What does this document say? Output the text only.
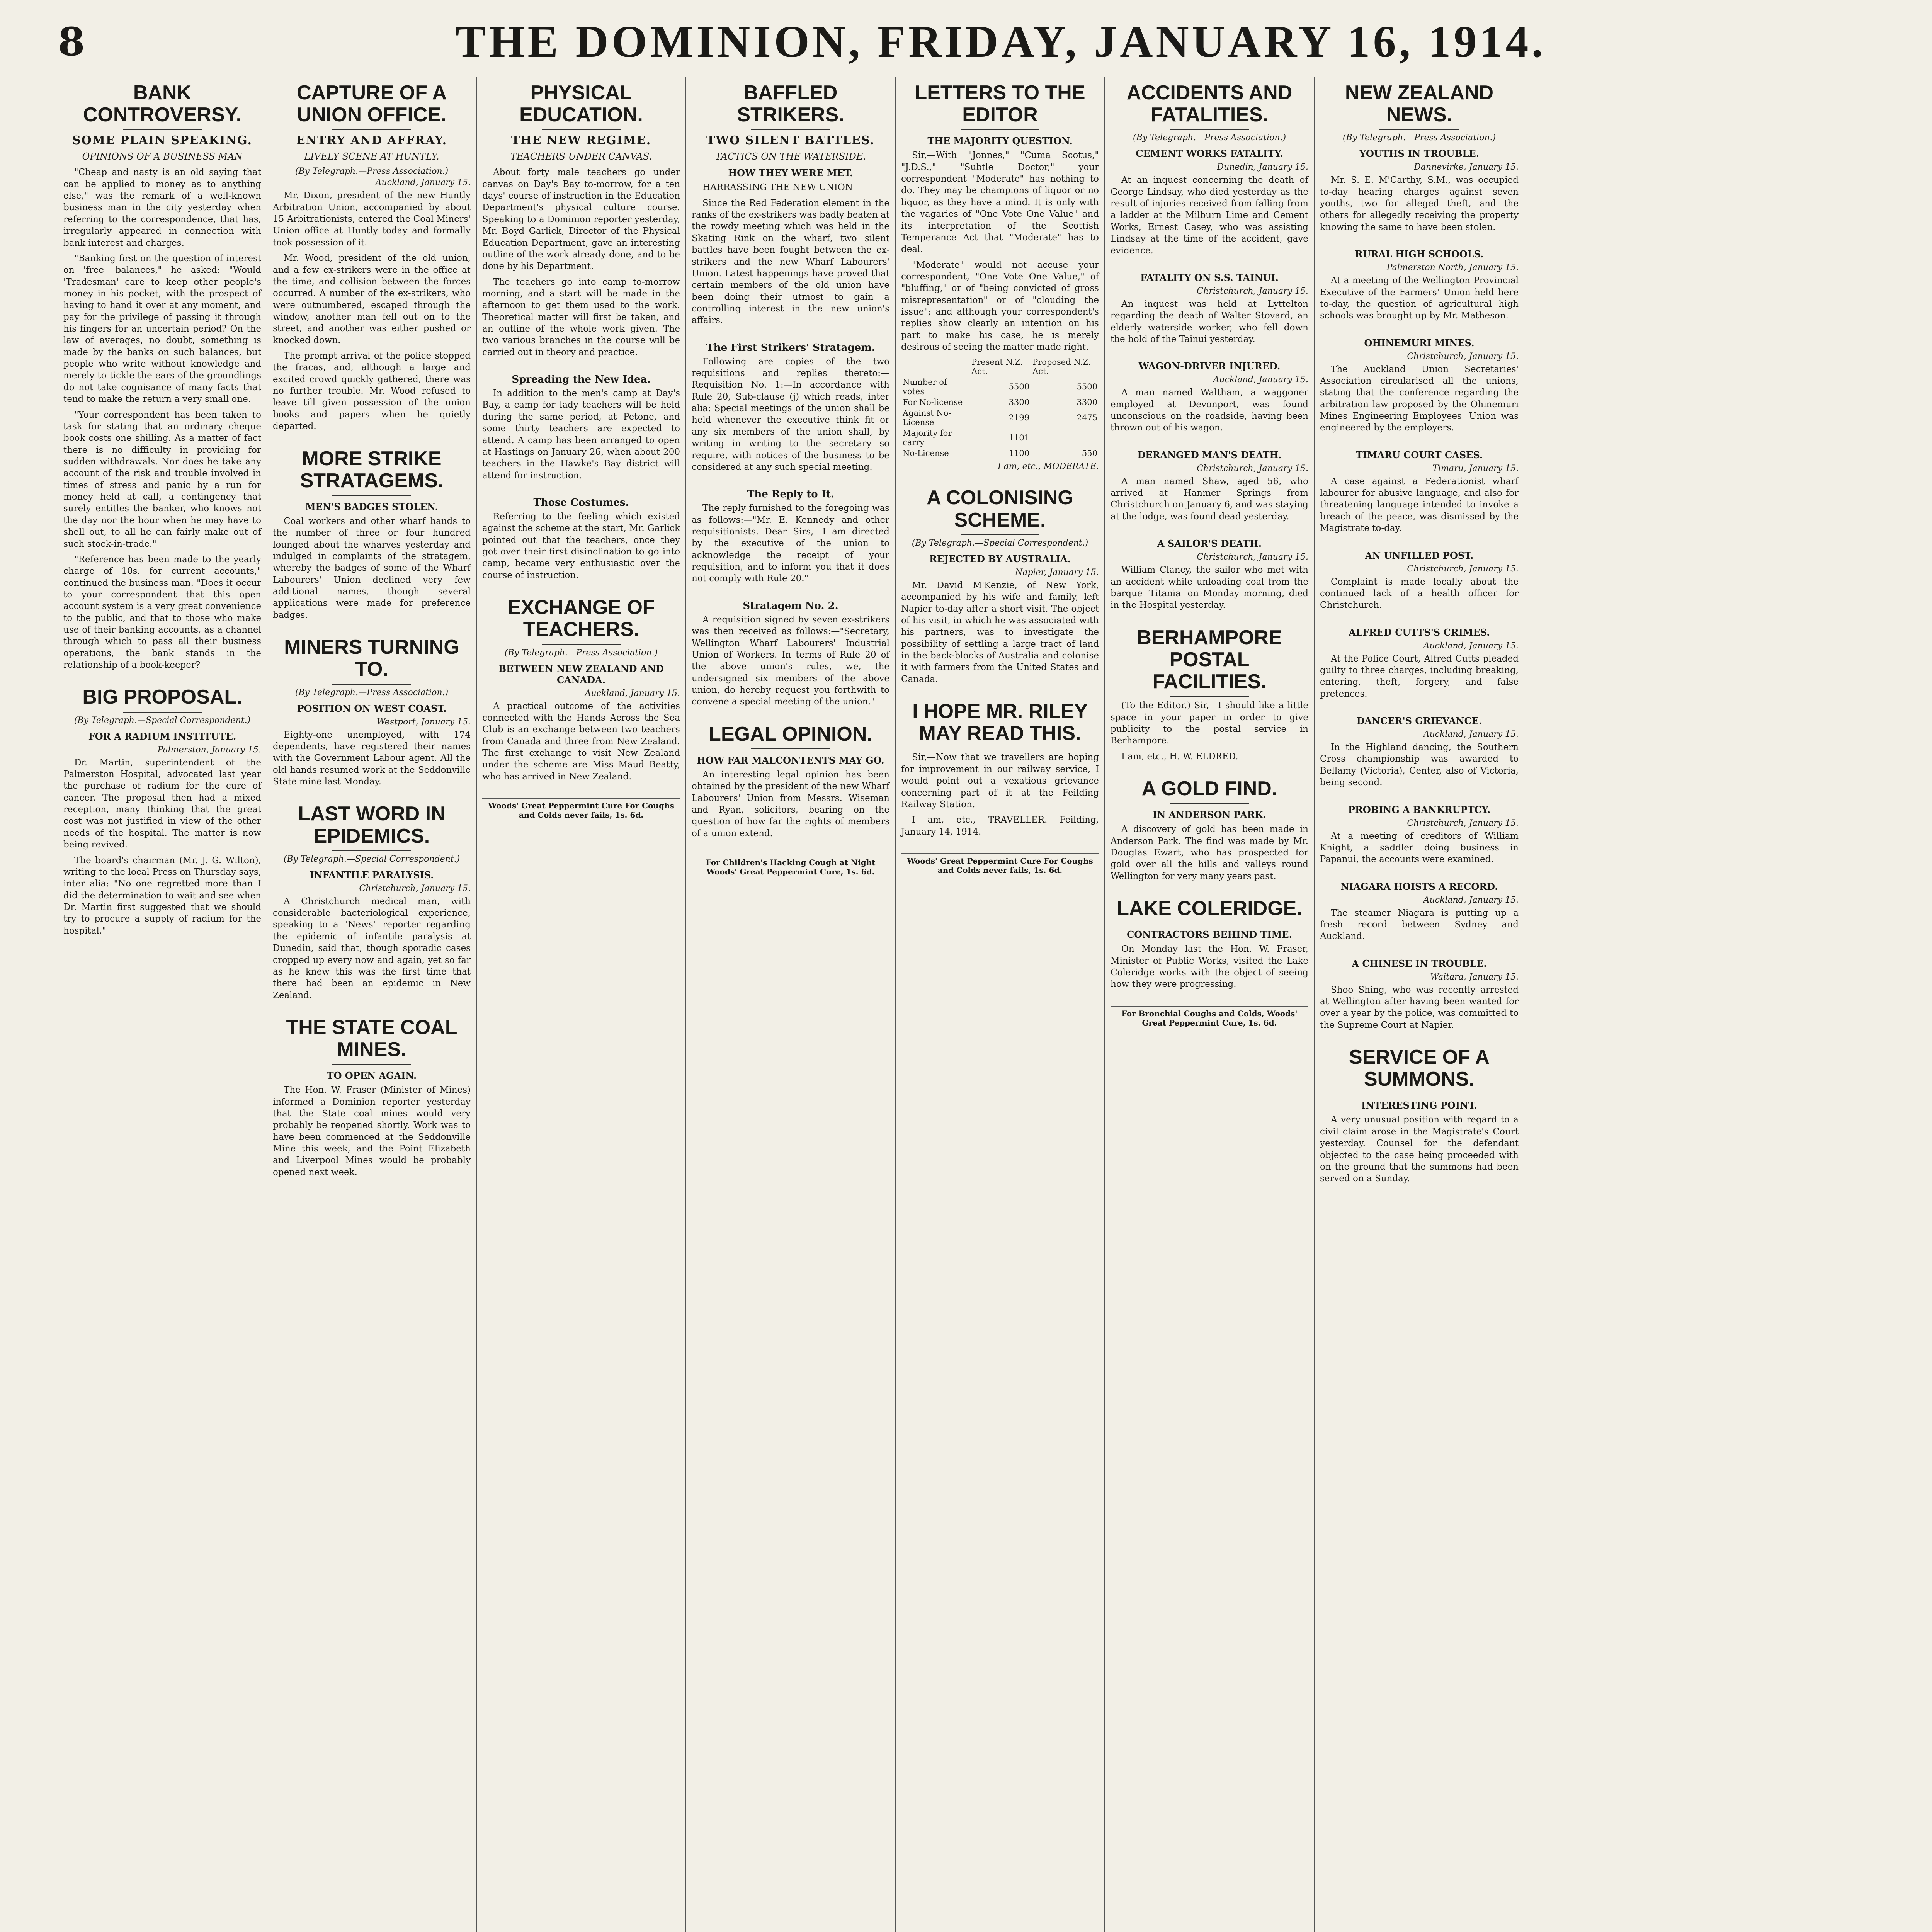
8	THE DOMINION, FRIDAY, JANUARY 16, 1914.
BANK CONTROVERSY.
SOME PLAIN SPEAKING.
OPINIONS OF A BUSINESS MAN

"Cheap and nasty is an old saying that can be applied to money as to anything else," was the remark of a well-known business man in the city yesterday when referring to the correspondence, that has, irregularly appeared in connection with bank interest and charges.

"Banking first on the question of interest on 'free' balances," he asked: "Would 'Tradesman' care to keep other people's money in his pocket, with the prospect of having to hand it over at any moment, and pay for the privilege of passing it through his fingers for an uncertain period? On the law of averages, no doubt, something is made by the banks on such balances, but people who write without knowledge and merely to tickle the ears of the groundlings do not take cognisance of many facts that tend to make the return a very small one.

"Your correspondent has been taken to task for stating that an ordinary cheque book costs one shilling. As a matter of fact there is no difficulty in providing for sudden withdrawals. Nor does he take any account of the risk and trouble involved in times of stress and panic by a run for money held at call, a contingency that surely entitles the banker, who knows not the day nor the hour when he may have to shell out, to all he can fairly make out of such stock-in-trade."

"Reference has been made to the yearly charge of 10s. for current accounts," continued the business man. "Does it occur to your correspondent that this open account system is a very great convenience to the public, and that to those who make use of their banking accounts, as a channel through which to pass all their business operations, the bank stands in the relationship of a book-keeper?

BIG PROPOSAL.
(By Telegraph.—Special Correspondent.)
FOR A RADIUM INSTITUTE.
Palmerston, January 15.

Dr. Martin, superintendent of the Palmerston Hospital, advocated last year the purchase of radium for the cure of cancer. The proposal then had a mixed reception, many thinking that the great cost was not justified in view of the other needs of the hospital. The matter is now being revived.

The board's chairman (Mr. J. G. Wilton), writing to the local Press on Thursday says, inter alia: "No one regretted more than I did the determination to wait and see when Dr. Martin first suggested that we should try to procure a supply of radium for the hospital."

CAPTURE OF A UNION OFFICE.
ENTRY AND AFFRAY.
LIVELY SCENE AT HUNTLY.
(By Telegraph.—Press Association.)
Auckland, January 15.

Mr. Dixon, president of the new Huntly Arbitration Union, accompanied by about 15 Arbitrationists, entered the Coal Miners' Union office at Huntly today and formally took possession of it.

Mr. Wood, president of the old union, and a few ex-strikers were in the office at the time, and collision between the forces occurred. A number of the ex-strikers, who were outnumbered, escaped through the window, another man fell out on to the street, and another was either pushed or knocked down.

The prompt arrival of the police stopped the fracas, and, although a large and excited crowd quickly gathered, there was no further trouble. Mr. Wood refused to leave till given possession of the union books and papers when he quietly departed.

MORE STRIKE STRATAGEMS.
MEN'S BADGES STOLEN.

Coal workers and other wharf hands to the number of three or four hundred lounged about the wharves yesterday and indulged in complaints of the stratagem, whereby the badges of some of the Wharf Labourers' Union declined very few additional names, though several applications were made for preference badges.

MINERS TURNING TO.
(By Telegraph.—Press Association.)
POSITION ON WEST COAST.
Westport, January 15.

Eighty-one unemployed, with 174 dependents, have registered their names with the Government Labour agent. All the old hands resumed work at the Seddonville State mine last Monday.

LAST WORD IN EPIDEMICS.
(By Telegraph.—Special Correspondent.)
INFANTILE PARALYSIS.
Christchurch, January 15.

A Christchurch medical man, with considerable bacteriological experience, speaking to a "News" reporter regarding the epidemic of infantile paralysis at Dunedin, said that, though sporadic cases cropped up every now and again, yet so far as he knew this was the first time that there had been an epidemic in New Zealand.

THE STATE COAL MINES.
TO OPEN AGAIN.

The Hon. W. Fraser (Minister of Mines) informed a Dominion reporter yesterday that the State coal mines would very probably be reopened shortly. Work was to have been commenced at the Seddonville Mine this week, and the Point Elizabeth and Liverpool Mines would be probably opened next week.

PHYSICAL EDUCATION.
THE NEW REGIME.
TEACHERS UNDER CANVAS.

About forty male teachers go under canvas on Day's Bay to-morrow, for a ten days' course of instruction in the Education Department's physical culture course. Speaking to a Dominion reporter yesterday, Mr. Boyd Garlick, Director of the Physical Education Department, gave an interesting outline of the work already done, and to be done by his Department.

The teachers go into camp to-morrow morning, and a start will be made in the afternoon to get them used to the work. Theoretical matter will first be taken, and an outline of the whole work given. The two various branches in the course will be carried out in theory and practice.

Spreading the New Idea.

In addition to the men's camp at Day's Bay, a camp for lady teachers will be held during the same period, at Petone, and some thirty teachers are expected to attend. A camp has been arranged to open at Hastings on January 26, when about 200 teachers in the Hawke's Bay district will attend for instruction.

Those Costumes.

Referring to the feeling which existed against the scheme at the start, Mr. Garlick pointed out that the teachers, once they got over their first disinclination to go into camp, became very enthusiastic over the course of instruction.

EXCHANGE OF TEACHERS.
(By Telegraph.—Press Association.)
BETWEEN NEW ZEALAND AND CANADA.
Auckland, January 15.

A practical outcome of the activities connected with the Hands Across the Sea Club is an exchange between two teachers from Canada and three from New Zealand. The first exchange to visit New Zealand under the scheme are Miss Maud Beatty, who has arrived in New Zealand.

Woods' Great Peppermint Cure For Coughs and Colds never fails, 1s. 6d.
BAFFLED STRIKERS.
TWO SILENT BATTLES.
TACTICS ON THE WATERSIDE.
HOW THEY WERE MET.

HARRASSING THE NEW UNION

Since the Red Federation element in the ranks of the ex-strikers was badly beaten at the rowdy meeting which was held in the Skating Rink on the wharf, two silent battles have been fought between the ex-strikers and the new Wharf Labourers' Union. Latest happenings have proved that certain members of the old union have been doing their utmost to gain a controlling interest in the new union's affairs.

The First Strikers' Stratagem.

Following are copies of the two requisitions and replies thereto:—Requisition No. 1:—In accordance with Rule 20, Sub-clause (j) which reads, inter alia: Special meetings of the union shall be held whenever the executive think fit or any six members of the union shall, by writing in writing to the secretary so require, with notices of the business to be considered at any such special meeting.

The Reply to It.

The reply furnished to the foregoing was as follows:—"Mr. E. Kennedy and other requisitionists. Dear Sirs,—I am directed by the executive of the union to acknowledge the receipt of your requisition, and to inform you that it does not comply with Rule 20."

Stratagem No. 2.

A requisition signed by seven ex-strikers was then received as follows:—"Secretary, Wellington Wharf Labourers' Industrial Union of Workers. In terms of Rule 20 of the above union's rules, we, the undersigned six members of the above union, do hereby request you forthwith to convene a special meeting of the union."

LEGAL OPINION.
HOW FAR MALCONTENTS MAY GO.

An interesting legal opinion has been obtained by the president of the new Wharf Labourers' Union from Messrs. Wiseman and Ryan, solicitors, bearing on the question of how far the rights of members of a union extend.

For Children's Hacking Cough at Night Woods' Great Peppermint Cure, 1s. 6d.
LETTERS TO THE EDITOR
THE MAJORITY QUESTION.

Sir,—With "Jonnes," "Cuma Scotus," "J.D.S.," "Subtle Doctor," your correspondent "Moderate" has nothing to do. They may be champions of liquor or no liquor, as they have a mind. It is only with the vagaries of "One Vote One Value" and its interpretation of the Scottish Temperance Act that "Moderate" has to deal.

"Moderate" would not accuse your correspondent, "One Vote One Value," of "bluffing," or of "being convicted of gross misrepresentation" or of "clouding the issue"; and although your correspondent's replies show clearly an intention on his part to make his case, he is merely desirous of seeing the matter made right.

	Present N.Z. Act.	Proposed N.Z. Act.
Number of votes	5500	5500
For No-license	3300	3300
Against No-License	2199	2475
Majority for carry	1101	
No-License	1100	550
I am, etc., MODERATE.
A COLONISING SCHEME.
(By Telegraph.—Special Correspondent.)
REJECTED BY AUSTRALIA.
Napier, January 15.

Mr. David M'Kenzie, of New York, accompanied by his wife and family, left Napier to-day after a short visit. The object of his visit, in which he was associated with his partners, was to investigate the possibility of settling a large tract of land in the back-blocks of Australia and colonise it with farmers from the United States and Canada.

I HOPE MR. RILEY MAY READ THIS.

Sir,—Now that we travellers are hoping for improvement in our railway service, I would point out a vexatious grievance concerning part of it at the Feilding Railway Station.

I am, etc., TRAVELLER. Feilding, January 14, 1914.

Woods' Great Peppermint Cure For Coughs and Colds never fails, 1s. 6d.
ACCIDENTS AND FATALITIES.
(By Telegraph.—Press Association.)
CEMENT WORKS FATALITY.
Dunedin, January 15.

At an inquest concerning the death of George Lindsay, who died yesterday as the result of injuries received from falling from a ladder at the Milburn Lime and Cement Works, Ernest Casey, who was assisting Lindsay at the time of the accident, gave evidence.

FATALITY ON S.S. TAINUI.
Christchurch, January 15.

An inquest was held at Lyttelton regarding the death of Walter Stovard, an elderly waterside worker, who fell down the hold of the Tainui yesterday.

WAGON-DRIVER INJURED.
Auckland, January 15.

A man named Waltham, a waggoner employed at Devonport, was found unconscious on the roadside, having been thrown out of his wagon.

DERANGED MAN'S DEATH.
Christchurch, January 15.

A man named Shaw, aged 56, who arrived at Hanmer Springs from Christchurch on January 6, and was staying at the lodge, was found dead yesterday.

A SAILOR'S DEATH.
Christchurch, January 15.

William Clancy, the sailor who met with an accident while unloading coal from the barque 'Titania' on Monday morning, died in the Hospital yesterday.

BERHAMPORE POSTAL FACILITIES.

(To the Editor.) Sir,—I should like a little space in your paper in order to give publicity to the postal service in Berhampore.

I am, etc., H. W. ELDRED.

A GOLD FIND.
IN ANDERSON PARK.

A discovery of gold has been made in Anderson Park. The find was made by Mr. Douglas Ewart, who has prospected for gold over all the hills and valleys round Wellington for very many years past.

LAKE COLERIDGE.
CONTRACTORS BEHIND TIME.

On Monday last the Hon. W. Fraser, Minister of Public Works, visited the Lake Coleridge works with the object of seeing how they were progressing.

For Bronchial Coughs and Colds, Woods' Great Peppermint Cure, 1s. 6d.
NEW ZEALAND NEWS.
(By Telegraph.—Press Association.)
YOUTHS IN TROUBLE.
Dannevirke, January 15.

Mr. S. E. M'Carthy, S.M., was occupied to-day hearing charges against seven youths, two for alleged theft, and the others for allegedly receiving the property knowing the same to have been stolen.

RURAL HIGH SCHOOLS.
Palmerston North, January 15.

At a meeting of the Wellington Provincial Executive of the Farmers' Union held here to-day, the question of agricultural high schools was brought up by Mr. Matheson.

OHINEMURI MINES.
Christchurch, January 15.

The Auckland Union Secretaries' Association circularised all the unions, stating that the conference regarding the arbitration law proposed by the Ohinemuri Mines Engineering Employees' Union was engineered by the employers.

TIMARU COURT CASES.
Timaru, January 15.

A case against a Federationist wharf labourer for abusive language, and also for threatening language intended to invoke a breach of the peace, was dismissed by the Magistrate to-day.

AN UNFILLED POST.
Christchurch, January 15.

Complaint is made locally about the continued lack of a health officer for Christchurch.

ALFRED CUTTS'S CRIMES.
Auckland, January 15.

At the Police Court, Alfred Cutts pleaded guilty to three charges, including breaking, entering, theft, forgery, and false pretences.

DANCER'S GRIEVANCE.
Auckland, January 15.

In the Highland dancing, the Southern Cross championship was awarded to Bellamy (Victoria), Center, also of Victoria, being second.

PROBING A BANKRUPTCY.
Christchurch, January 15.

At a meeting of creditors of William Knight, a saddler doing business in Papanui, the accounts were examined.

NIAGARA HOISTS A RECORD.
Auckland, January 15.

The steamer Niagara is putting up a fresh record between Sydney and Auckland.

A CHINESE IN TROUBLE.
Waitara, January 15.

Shoo Shing, who was recently arrested at Wellington after having been wanted for over a year by the police, was committed to the Supreme Court at Napier.

SERVICE OF A SUMMONS.
INTERESTING POINT.

A very unusual position with regard to a civil claim arose in the Magistrate's Court yesterday. Counsel for the defendant objected to the case being proceeded with on the ground that the summons had been served on a Sunday.
